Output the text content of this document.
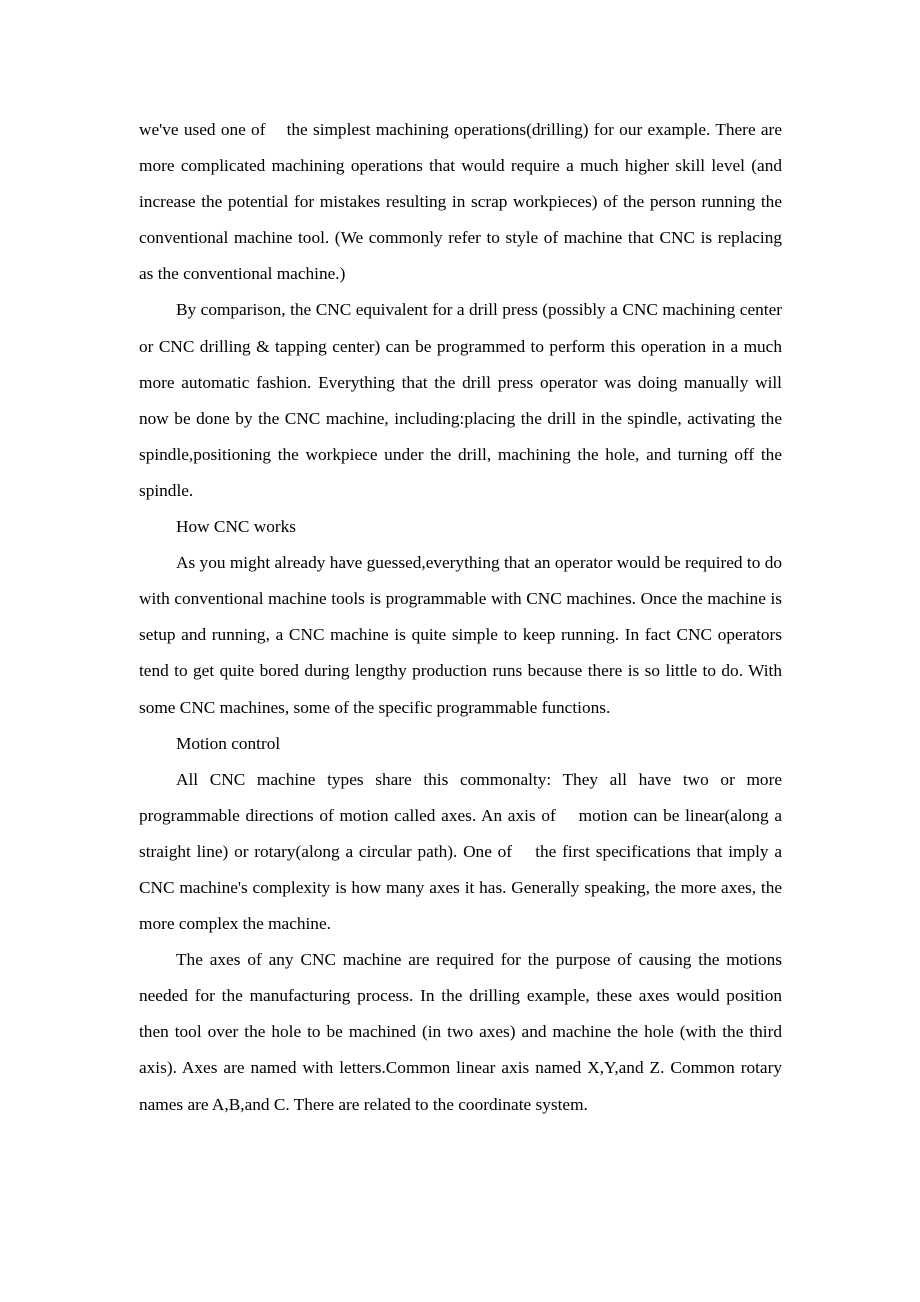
we've used one of    the simplest machining operations(drilling) for our example. There are more complicated machining operations that would require a much higher skill level (and increase the potential for mistakes resulting in scrap workpieces) of the person running the conventional machine tool. (We commonly refer to style of machine that CNC is replacing as the conventional machine.)

By comparison, the CNC equivalent for a drill press (possibly a CNC machining center or CNC drilling & tapping center) can be programmed to perform this operation in a much more automatic fashion. Everything that the drill press operator was doing manually will now be done by the CNC machine, including:placing the drill in the spindle, activating the spindle,positioning the workpiece under the drill, machining the hole, and turning off the spindle.

How CNC works

As you might already have guessed,everything that an operator would be required to do with conventional machine tools is programmable with CNC machines. Once the machine is setup and running, a CNC machine is quite simple to keep running. In fact CNC operators tend to get quite bored during lengthy production runs because there is so little to do. With some CNC machines, some of the specific programmable functions.

Motion control

All CNC machine types share this commonalty: They all have two or more programmable directions of motion called axes. An axis of    motion can be linear(along a straight line) or rotary(along a circular path). One of    the first specifications that imply a CNC machine's complexity is how many axes it has. Generally speaking, the more axes, the more complex the machine.

The axes of any CNC machine are required for the purpose of causing the motions needed for the manufacturing process. In the drilling example, these axes would position then tool over the hole to be machined (in two axes) and machine the hole (with the third axis). Axes are named with letters.Common linear axis named X,Y,and Z. Common rotary names are A,B,and C. There are related to the coordinate system.
